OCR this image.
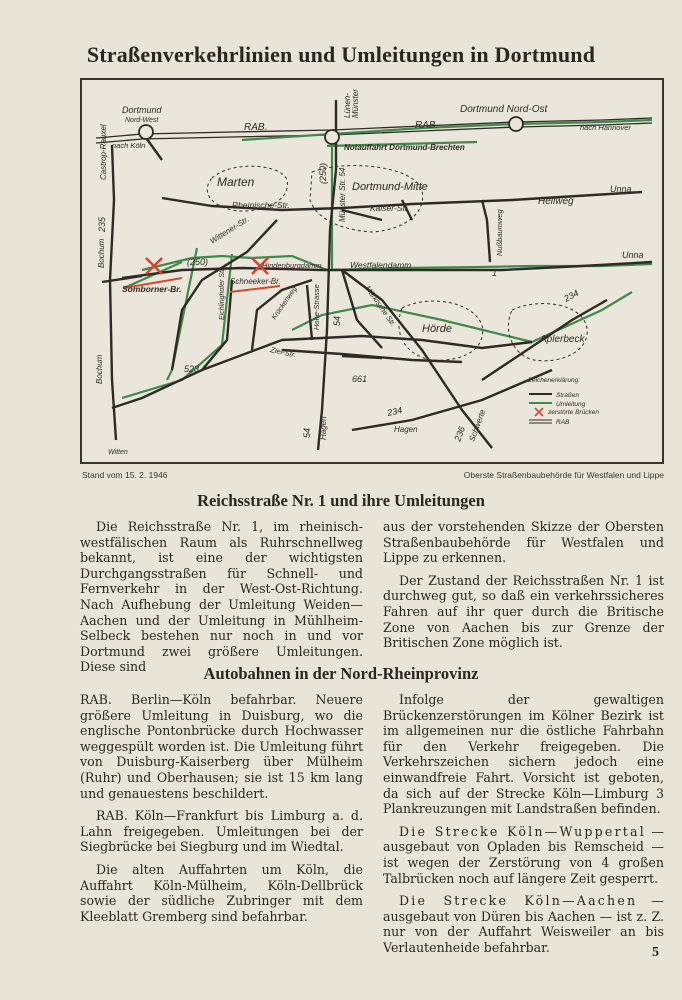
Straßenverkehrlinien und Umleitungen in Dortmund
Dortmund
Nord-West
nach Köln
RAB.	RAB.
Dortmund Nord-Ost
nach Hannover
Notauffahrt Dortmund-Brechten
Marten	Dortmund-Mitte
Rheinische-Str.	Kaiser-Str.
Hellweg
Unna
(250)	Hindenburgdamm	Westfalendamm
Unna
1
Somborner-Br.
Schneeker-Br.
Hörde
234
Aplerbeck
Ziel-Str.
523
661	Zeichenerklärung:
Straßen
Umleitung
zerstörte Brücken
RAB
234
Hagen
Witten
Castrop-Rauxel
Lünen- Münster
(250) Münster Str. 54
235	Wittener-Str.
Bochum	Nußbaumweg
Eichlinghofer Str.	Krückenweg Hohe-Strasse 54	Märkische Str.
Bochum
54 Hagen	236 Schwerte
Stand vom 15. 2. 1946	Oberste Straßenbaubehörde für Westfalen und Lippe
Reichsstraße Nr. 1 und ihre Umleitungen

Die Reichsstraße Nr. 1, im rheinisch-westfälischen Raum als Ruhrschnellweg bekannt, ist eine der wichtigsten Durchgangsstraßen für Schnell- und Fernverkehr in der West-Ost-Richtung. Nach Aufhebung der Umleitung Weiden—Aachen und der Umleitung in Mühlheim-Selbeck bestehen nur noch in und vor Dortmund zwei größere Umleitungen. Diese sind

aus der vorstehenden Skizze der Obersten Straßenbaubehörde für Westfalen und Lippe zu erkennen.

Der Zustand der Reichsstraßen Nr. 1 ist durchweg gut, so daß ein verkehrssicheres Fahren auf ihr quer durch die Britische Zone von Aachen bis zur Grenze der Britischen Zone möglich ist.

Autobahnen in der Nord-Rheinprovinz

RAB. Berlin—Köln befahrbar. Neuere größere Umleitung in Duisburg, wo die englische Pontonbrücke durch Hochwasser weggespült worden ist. Die Umleitung führt von Duisburg-Kaiserberg über Mülheim (Ruhr) und Oberhausen; sie ist 15 km lang und genauestens beschildert.

RAB. Köln—Frankfurt bis Limburg a. d. Lahn freigegeben. Umleitungen bei der Siegbrücke bei Siegburg und im Wiedtal.

Die alten Auffahrten um Köln, die Auffahrt Köln-Mülheim, Köln-Dellbrück sowie der südliche Zubringer mit dem Kleeblatt Gremberg sind befahrbar.

Infolge der gewaltigen Brückenzerstörungen im Kölner Bezirk ist im allgemeinen nur die östliche Fahrbahn für den Verkehr freigegeben. Die Verkehrszeichen sichern jedoch eine einwandfreie Fahrt. Vorsicht ist geboten, da sich auf der Strecke Köln—Limburg 3 Plankreuzungen mit Landstraßen befinden.

Die Strecke Köln—Wuppertal — ausgebaut von Opladen bis Remscheid — ist wegen der Zerstörung von 4 großen Talbrücken noch auf längere Zeit gesperrt.

Die Strecke Köln—Aachen — ausgebaut von Düren bis Aachen — ist z. Z. nur von der Auffahrt Weisweiler an bis Verlautenheide befahrbar.	5
